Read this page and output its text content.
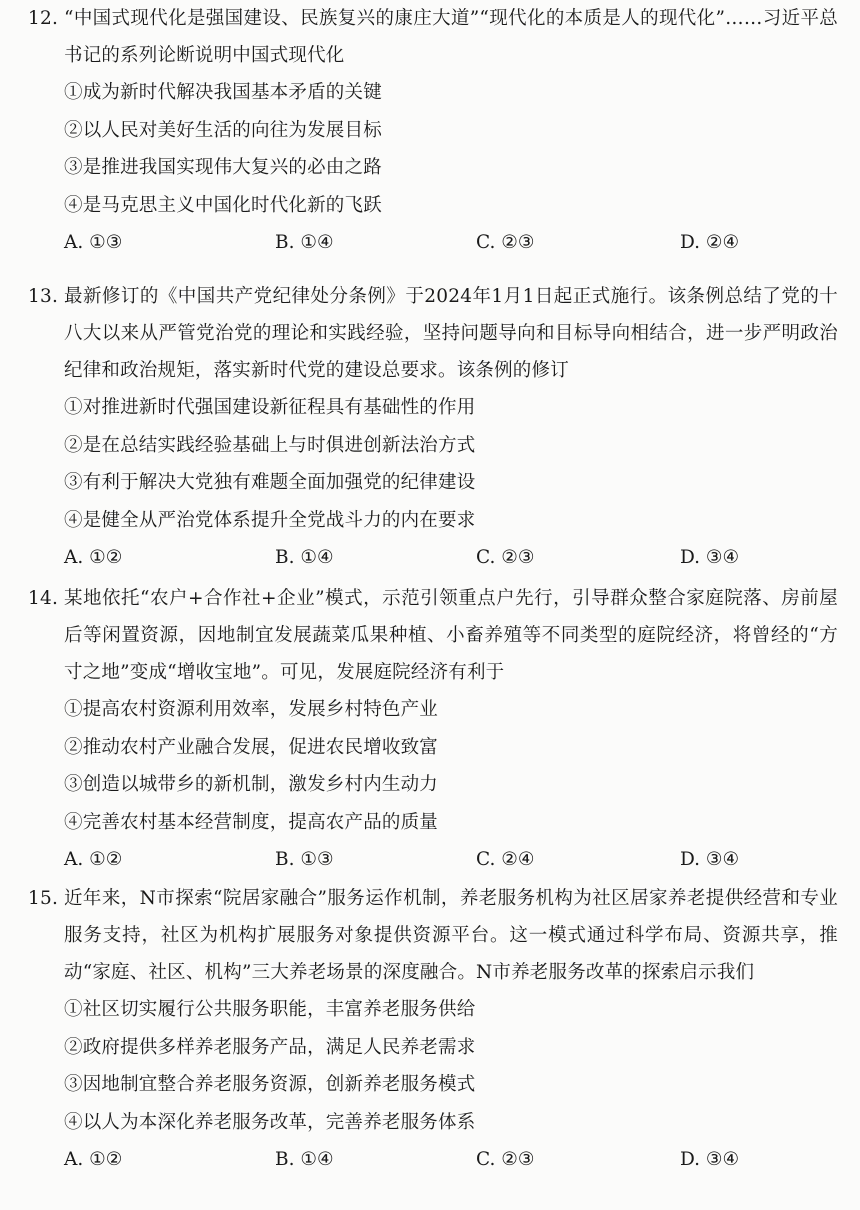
12. “中国式现代化是强国建设、民族复兴的康庄大道”“现代化的本质是人的现代化”……习近平总书记的系列论断说明中国式现代化
①成为新时代解决我国基本矛盾的关键
②以人民对美好生活的向往为发展目标
③是推进我国实现伟大复兴的必由之路
④是马克思主义中国化时代化新的飞跃
A. ①③	B. ①④	C. ②③	D. ②④
13. 最新修订的《中国共产党纪律处分条例》于2024年1月1日起正式施行。该条例总结了党的十八大以来从严管党治党的理论和实践经验，坚持问题导向和目标导向相结合，进一步严明政治纪律和政治规矩，落实新时代党的建设总要求。该条例的修订
①对推进新时代强国建设新征程具有基础性的作用
②是在总结实践经验基础上与时俱进创新法治方式
③有利于解决大党独有难题全面加强党的纪律建设
④是健全从严治党体系提升全党战斗力的内在要求
A. ①②	B. ①④	C. ②③	D. ③④
14. 某地依托“农户+合作社+企业”模式，示范引领重点户先行，引导群众整合家庭院落、房前屋后等闲置资源，因地制宜发展蔬菜瓜果种植、小畜养殖等不同类型的庭院经济，将曾经的“方寸之地”变成“增收宝地”。可见，发展庭院经济有利于
①提高农村资源利用效率，发展乡村特色产业
②推动农村产业融合发展，促进农民增收致富
③创造以城带乡的新机制，激发乡村内生动力
④完善农村基本经营制度，提高农产品的质量
A. ①②	B. ①③	C. ②④	D. ③④
15. 近年来，N市探索“院居家融合”服务运作机制，养老服务机构为社区居家养老提供经营和专业服务支持，社区为机构扩展服务对象提供资源平台。这一模式通过科学布局、资源共享，推动“家庭、社区、机构”三大养老场景的深度融合。N市养老服务改革的探索启示我们
①社区切实履行公共服务职能，丰富养老服务供给
②政府提供多样养老服务产品，满足人民养老需求
③因地制宜整合养老服务资源，创新养老服务模式
④以人为本深化养老服务改革，完善养老服务体系
A. ①②	B. ①④	C. ②③	D. ③④
